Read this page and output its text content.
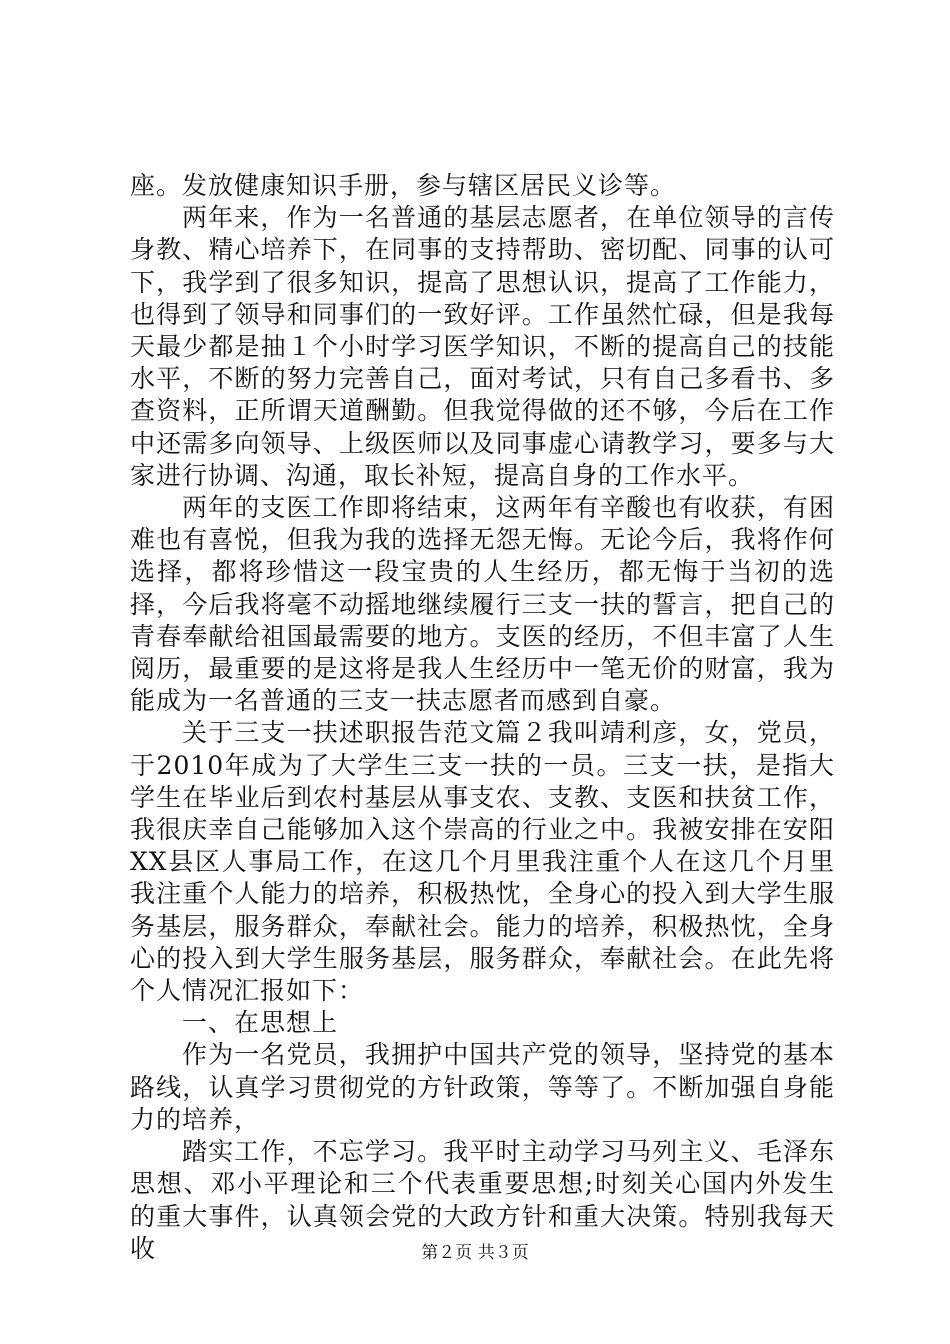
座。发放健康知识手册，参与辖区居民义诊等。

两年来，作为一名普通的基层志愿者，在单位领导的言传身教、精心培养下，在同事的支持帮助、密切配、同事的认可下，我学到了很多知识，提高了思想认识，提高了工作能力，也得到了领导和同事们的一致好评。工作虽然忙碌，但是我每天最少都是抽１个小时学习医学知识，不断的提高自己的技能水平，不断的努力完善自己，面对考试，只有自己多看书、多查资料，正所谓天道酬勤。但我觉得做的还不够，今后在工作中还需多向领导、上级医师以及同事虚心请教学习，要多与大家进行协调、沟通，取长补短，提高自身的工作水平。

两年的支医工作即将结束，这两年有辛酸也有收获，有困难也有喜悦，但我为我的选择无怨无悔。无论今后，我将作何选择，都将珍惜这一段宝贵的人生经历，都无悔于当初的选择，今后我将毫不动摇地继续履行三支一扶的誓言，把自己的青春奉献给祖国最需要的地方。支医的经历，不但丰富了人生阅历，最重要的是这将是我人生经历中一笔无价的财富，我为能成为一名普通的三支一扶志愿者而感到自豪。

关于三支一扶述职报告范文篇２我叫靖利彦，女，党员，于2010年成为了大学生三支一扶的一员。三支一扶，是指大学生在毕业后到农村基层从事支农、支教、支医和扶贫工作，我很庆幸自己能够加入这个崇高的行业之中。我被安排在安阳XX县区人事局工作，在这几个月里我注重个人在这几个月里我注重个人能力的培养，积极热忱，全身心的投入到大学生服务基层，服务群众，奉献社会。能力的培养，积极热忱，全身心的投入到大学生服务基层，服务群众，奉献社会。在此先将个人情况汇报如下：

一、在思想上

作为一名党员，我拥护中国共产党的领导，坚持党的基本路线，认真学习贯彻党的方针政策，等等了。不断加强自身能力的培养，

踏实工作，不忘学习。我平时主动学习马列主义、毛泽东思想、邓小平理论和三个代表重要思想;时刻关心国内外发生的重大事件，认真领会党的大政方针和重大决策。特别我每天收	第２页 共３页
